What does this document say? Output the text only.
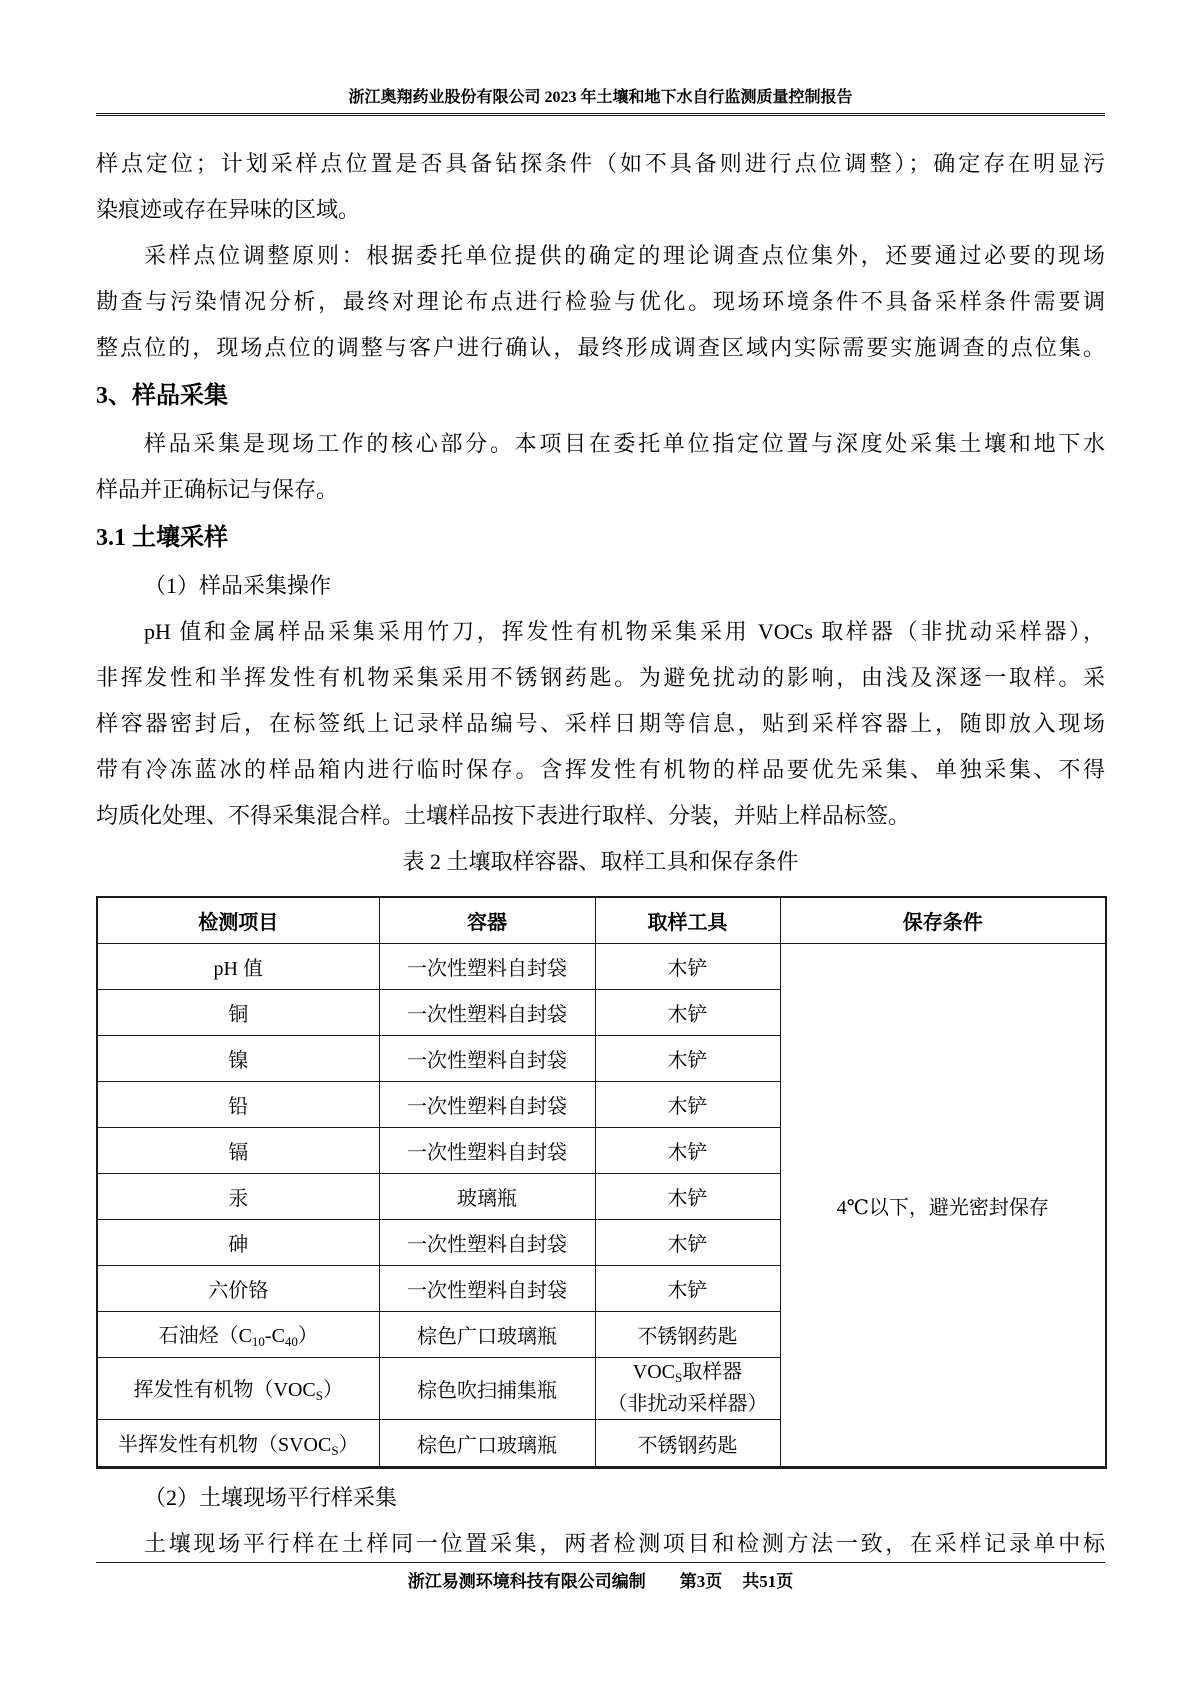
浙江奥翔药业股份有限公司 2023 年土壤和地下水自行监测质量控制报告
样点定位；计划采样点位置是否具备钻探条件（如不具备则进行点位调整）；确定存在明显污
染痕迹或存在异味的区域。
采样点位调整原则：根据委托单位提供的确定的理论调查点位集外，还要通过必要的现场
勘查与污染情况分析，最终对理论布点进行检验与优化。现场环境条件不具备采样条件需要调
整点位的，现场点位的调整与客户进行确认，最终形成调查区域内实际需要实施调查的点位集。
3、样品采集
样品采集是现场工作的核心部分。本项目在委托单位指定位置与深度处采集土壤和地下水
样品并正确标记与保存。
3.1 土壤采样
（1）样品采集操作
pH 值和金属样品采集采用竹刀，挥发性有机物采集采用 VOCs 取样器（非扰动采样器），
非挥发性和半挥发性有机物采集采用不锈钢药匙。为避免扰动的影响，由浅及深逐一取样。采
样容器密封后，在标签纸上记录样品编号、采样日期等信息，贴到采样容器上，随即放入现场
带有冷冻蓝冰的样品箱内进行临时保存。含挥发性有机物的样品要优先采集、单独采集、不得
均质化处理、不得采集混合样。土壤样品按下表进行取样、分装，并贴上样品标签。
表 2 土壤取样容器、取样工具和保存条件
检测项目	容器	取样工具	保存条件
pH 值	一次性塑料自封袋	木铲	4℃以下，避光密封保存
铜	一次性塑料自封袋	木铲	
镍	一次性塑料自封袋	木铲	
铅	一次性塑料自封袋	木铲	
镉	一次性塑料自封袋	木铲	
汞	玻璃瓶	木铲	
砷	一次性塑料自封袋	木铲	
六价铬	一次性塑料自封袋	木铲	
石油烃$(C_{10}-C_{40})$	棕色广口玻璃瓶	不锈钢药匙	
挥发性有机物$(VOC_S)$	棕色吹扫捕集瓶	$VOC_S$取样器
（非扰动采样器）	

半挥发性有机物$(SVOC_S)$	棕色广口玻璃瓶	不锈钢药匙	
（2）土壤现场平行样采集
土壤现场平行样在土样同一位置采集，两者检测项目和检测方法一致，在采样记录单中标
浙江易测环境科技有限公司编制 第3页 共51页
